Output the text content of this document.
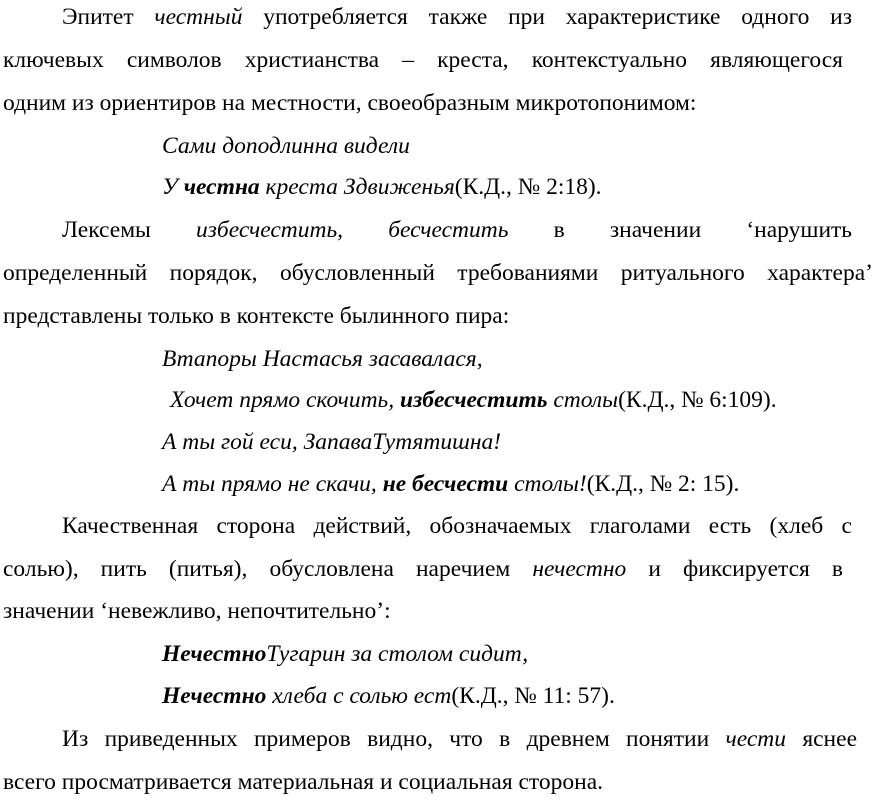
Эпитет честный употребляется также при характеристике одного из
ключевых символов христианства – креста, контекстуально являющегося
одним из ориентиров на местности, своеобразным микротопонимом:
Сами доподлинна видели
У честна креста Здвиженья(К.Д., № 2:18).
Лексемы избесчестить, бесчестить в значении ‘нарушить
определенный порядок, обусловленный требованиями ритуального характера’
представлены только в контексте былинного пира:
Втапоры Настасья засавалася,
Хочет прямо скочить, избесчестить столы(К.Д., № 6:109).
А ты гой еси, ЗапаваТутятишна!
А ты прямо не скачи, не бесчести столы!(К.Д., № 2: 15).
Качественная сторона действий, обозначаемых глаголами есть (хлеб с
солью), пить (питья), обусловлена наречием нечестно и фиксируется в
значении ‘невежливо, непочтительно’:
НечестноТугарин за столом сидит,
Нечестно хлеба с солью ест(К.Д., № 11: 57).
Из приведенных примеров видно, что в древнем понятии чести яснее
всего просматривается материальная и социальная сторона.
